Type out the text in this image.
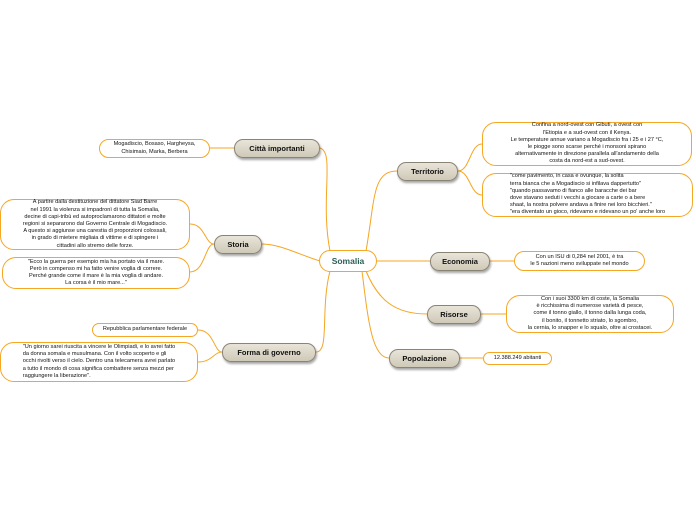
Somalia
Città importanti
Storia
Forma di governo
Territorio
Economia
Risorse
Popolazione
Mogadiscio, Bosaso, Hargheysa,
Chisimaio, Marka, Berbera
A partire dalla destituzione del dittatore Siad Barre
nel 1991 la violenza si impadronì di tutta la Somalia,
decine di capi-tribù ed autoproclamarono dittatori e molte
regioni si separarono dal Governo Centrale di Mogadiscio.
A questo si aggiunse una carestia di proporzioni colossali,
in grado di mietere migliaia di vittime e di spingere i
cittadini allo stremo delle forze.
"Ecco la guerra per esempio mia ha portato via il mare.
Però in compenso mi ha fatto venire voglia di correre.
Perché grande come il mare è la mia voglia di andare.
La corsa è il mio mare..."
Repubblica parlamentare federale
"Un giorno sarei riuscita a vincere le Olimpiadi, e lo avrei fatto
da donna somala e musulmana. Con il volto scoperto e gli
occhi rivolti verso il cielo. Dentro una telecamera avrei parlato
a tutto il mondo di cosa significa combattere senza mezzi per
raggiungere la liberazione".
Confina a nord-ovest con Gibuti, a ovest con
l'Etiopia e a sud-ovest con il Kenya.
Le temperature annue variano a Mogadiscio fra i 25 e i 27 °C,
le piogge sono scarse perché i monsoni spirano
alternativamente in direzione parallela all'andamento della
costa da nord-est a sud-ovest.
"come pavimento, in casa e ovunque, la solita
terra bianca che a Mogadiscio si infilava dappertutto"
"quando passavamo di fianco alle baracche dei bar
dove stavano seduti i vecchi a giocare a carte o a bere
shaat, la nostra polvere andava a finire nei loro bicchieri."
"era diventato un gioco, ridevamo e ridevano un po' anche loro
Con un ISU di 0,284 nel 2001, è tra
le 5 nazioni meno sviluppate nel mondo
Con i suoi 3300 km di coste, la Somalia
è ricchissima di numerose varietà di pesce,
come il tonno giallo, il tonno dalla lunga coda,
il bonito, il tonnetto striato, lo sgombro,
la cernia, lo snapper e lo squalo, oltre ai crostacei.
12.388.249 abitanti
